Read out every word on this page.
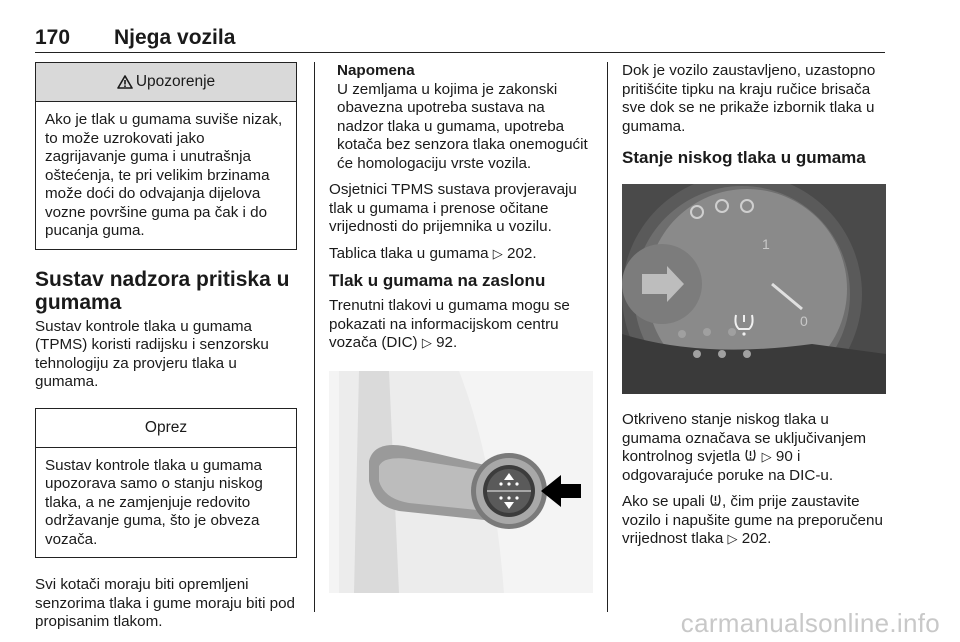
170 Njega vozila
Upozorenje
Ako je tlak u gumama suviše nizak, to može uzrokovati jako zagrijavanje guma i unutrašnja oštećenja, te pri velikim brzinama može doći do odvajanja dijelova vozne površine guma pa čak i do pucanja guma.
Sustav nadzora pritiska u gumama

Sustav kontrole tlaka u gumama (TPMS) koristi radijsku i senzorsku tehnologiju za provjeru tlaka u gumama.

Oprez
Sustav kontrole tlaka u gumama upozorava samo o stanju niskog tlaka, a ne zamjenjuje redovito održavanje guma, što je obveza vozača.

Svi kotači moraju biti opremljeni senzorima tlaka i gume moraju biti pod propisanim tlakom.

Napomena
U zemljama u kojima je zakonski obavezna upotreba sustava na nadzor tlaka u gumama, upotreba kotača bez senzora tlaka onemogućit će homologaciju vrste vozila.

Osjetnici TPMS sustava provjeravaju tlak u gumama i prenose očitane vrijednosti do prijemnika u vozilu.

Tablica tlaka u gumama ▷ 202.

Tlak u gumama na zaslonu

Trenutni tlakovi u gumama mogu se pokazati na informacijskom centru vozača (DIC) ▷ 92.

Dok je vozilo zaustavljeno, uzastopno pritišćite tipku na kraju ručice brisača sve dok se ne prikaže izbornik tlaka u gumama.

Stanje niskog tlaka u gumama
1
0

Otkriveno stanje niskog tlaka u gumama označava se uključivanjem kontrolnog svjetla ▷ 90 i odgovarajuće poruke na DIC-u.

Ako se upali , čim prije zaustavite vozilo i napušite gume na preporučenu vrijednost tlaka ▷ 202.

carmanualsonline.info
